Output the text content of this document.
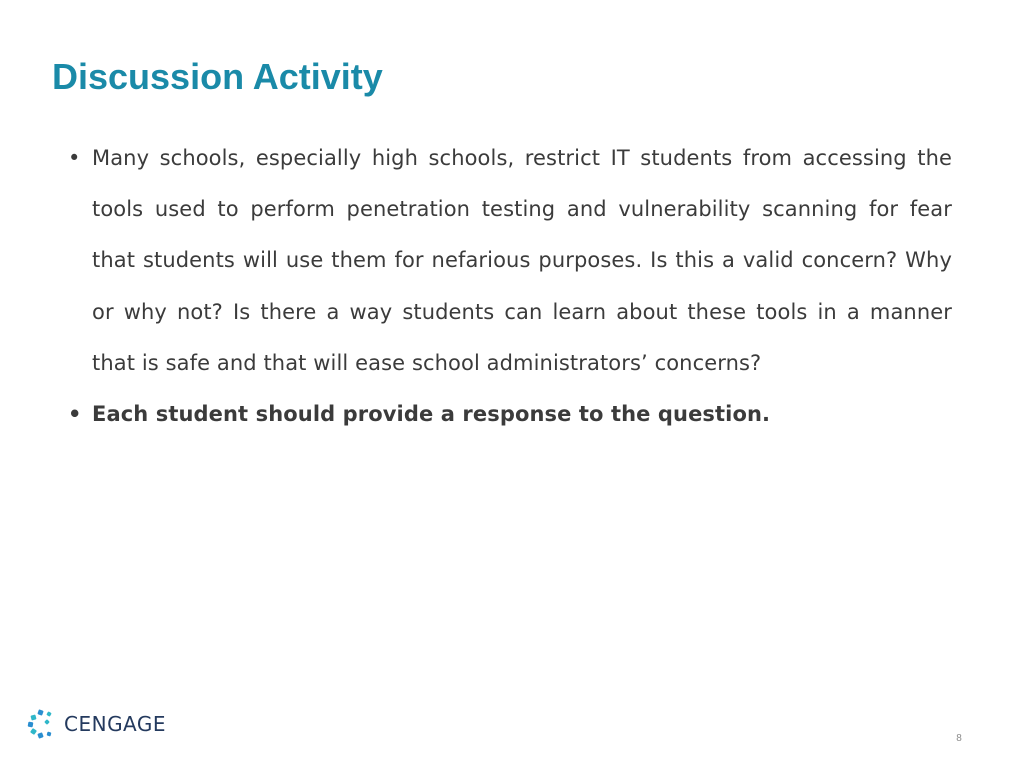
Discussion Activity
• Many schools, especially high schools, restrict IT students from accessing the tools used to perform penetration testing and vulnerability scanning for fear that students will use them for nefarious purposes. Is this a valid concern? Why or why not? Is there a way students can learn about these tools in a manner that is safe and that will ease school administrators’ concerns?
• Each student should provide a response to the question.
CENGAGE
8
